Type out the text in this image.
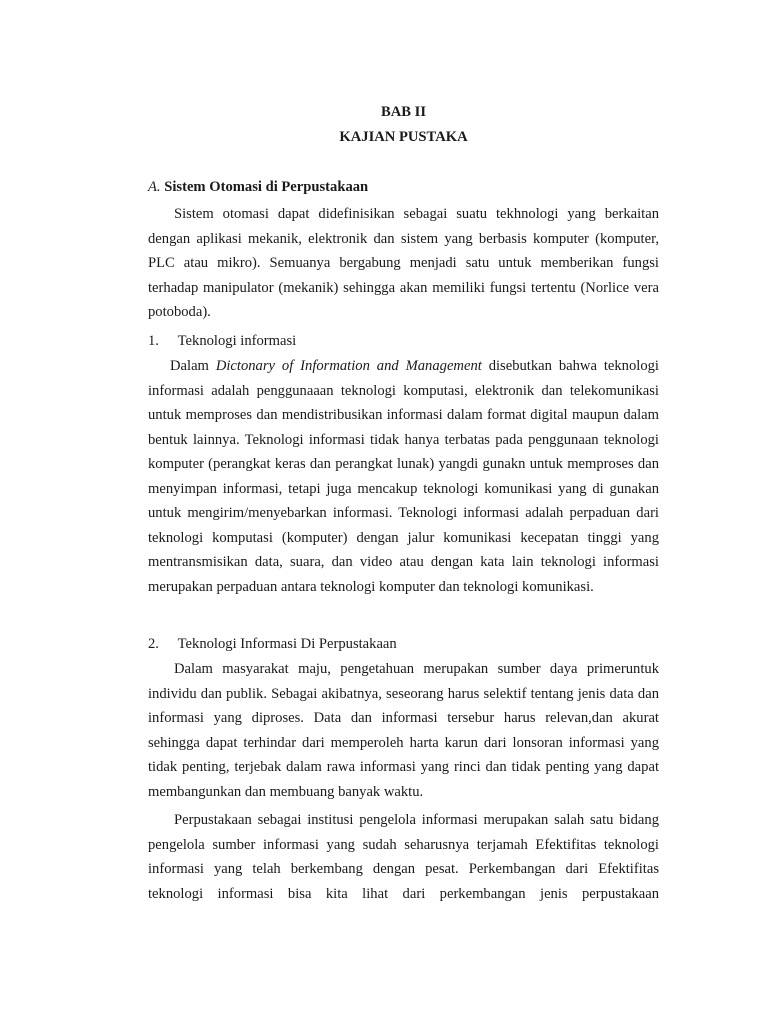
BAB II
KAJIAN PUSTAKA
A. Sistem Otomasi di Perpustakaan

Sistem otomasi dapat didefinisikan sebagai suatu tekhnologi yang berkaitan dengan aplikasi mekanik, elektronik dan sistem yang berbasis komputer (komputer, PLC atau mikro). Semuanya bergabung menjadi satu untuk memberikan fungsi terhadap manipulator (mekanik) sehingga akan memiliki fungsi tertentu (Norlice vera potoboda).

1. Teknologi informasi

Dalam Dictonary of Information and Management disebutkan bahwa teknologi informasi adalah penggunaaan teknologi komputasi, elektronik dan telekomunikasi untuk memproses dan mendistribusikan informasi dalam format digital maupun dalam bentuk lainnya. Teknologi informasi tidak hanya terbatas pada penggunaan teknologi komputer (perangkat keras dan perangkat lunak) yangdi gunakn untuk memproses dan menyimpan informasi, tetapi juga mencakup teknologi komunikasi yang di gunakan untuk mengirim/menyebarkan informasi. Teknologi informasi adalah perpaduan dari teknologi komputasi (komputer) dengan jalur komunikasi kecepatan tinggi yang mentransmisikan data, suara, dan video atau dengan kata lain teknologi informasi merupakan perpaduan antara teknologi komputer dan teknologi komunikasi.

2. Teknologi Informasi Di Perpustakaan

Dalam masyarakat maju, pengetahuan merupakan sumber daya primeruntuk individu dan publik. Sebagai akibatnya, seseorang harus selektif tentang jenis data dan informasi yang diproses. Data dan informasi tersebur harus relevan,dan akurat sehingga dapat terhindar dari memperoleh harta karun dari lonsoran informasi yang tidak penting, terjebak dalam rawa informasi yang rinci dan tidak penting yang dapat membangunkan dan membuang banyak waktu.

Perpustakaan sebagai institusi pengelola informasi merupakan salah satu bidang pengelola sumber informasi yang sudah seharusnya terjamah Efektifitas teknologi informasi yang telah berkembang dengan pesat. Perkembangan dari Efektifitas teknologi informasi bisa kita lihat dari perkembangan jenis perpustakaan
